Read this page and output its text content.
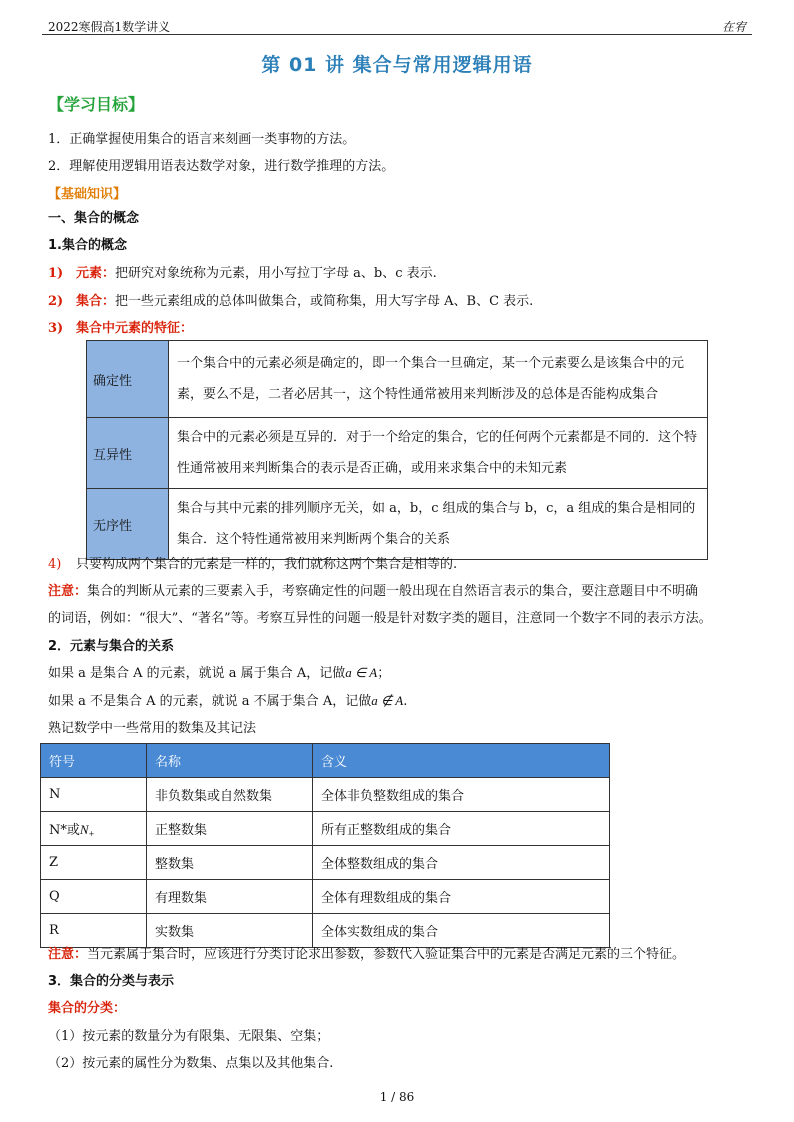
2022寒假高1数学讲义	在宥
第 01 讲 集合与常用逻辑用语
【学习目标】
1．正确掌握使用集合的语言来刻画一类事物的方法。
2．理解使用逻辑用语表达数学对象，进行数学推理的方法。
【基础知识】
一、集合的概念
1.集合的概念
1) 元素：把研究对象统称为元素，用小写拉丁字母 a、b、c 表示.
2) 集合：把一些元素组成的总体叫做集合，或简称集，用大写字母 A、B、C 表示.
3) 集合中元素的特征：
确定性	一个集合中的元素必须是确定的，即一个集合一旦确定，某一个元素要么是该集合中的元素，要么不是，二者必居其一，这个特性通常被用来判断涉及的总体是否能构成集合
互异性	集合中的元素必须是互异的．对于一个给定的集合，它的任何两个元素都是不同的．这个特性通常被用来判断集合的表示是否正确，或用来求集合中的未知元素
无序性	集合与其中元素的排列顺序无关，如 a，b，c 组成的集合与 b，c，a 组成的集合是相同的集合．这个特性通常被用来判断两个集合的关系
4) 只要构成两个集合的元素是一样的，我们就称这两个集合是相等的.
注意：集合的判断从元素的三要素入手，考察确定性的问题一般出现在自然语言表示的集合，要注意题目中不明确
的词语，例如：“很大”、“著名”等。考察互异性的问题一般是针对数字类的题目，注意同一个数字不同的表示方法。
2．元素与集合的关系
如果 a 是集合 A 的元素，就说 a 属于集合 A，记做a ∈ A；
如果 a 不是集合 A 的元素，就说 a 不属于集合 A，记做a ∉ A.
熟记数学中一些常用的数集及其记法
符号	名称	含义
N	非负数集或自然数集	全体非负整数组成的集合
N*或$N_+$	正整数集	所有正整数组成的集合
Z	整数集	全体整数组成的集合
Q	有理数集	全体有理数组成的集合
R	实数集	全体实数组成的集合
注意：当元素属于集合时，应该进行分类讨论求出参数，参数代入验证集合中的元素是否满足元素的三个特征。
3．集合的分类与表示
集合的分类：
（1）按元素的数量分为有限集、无限集、空集；
（2）按元素的属性分为数集、点集以及其他集合.
1 / 86
